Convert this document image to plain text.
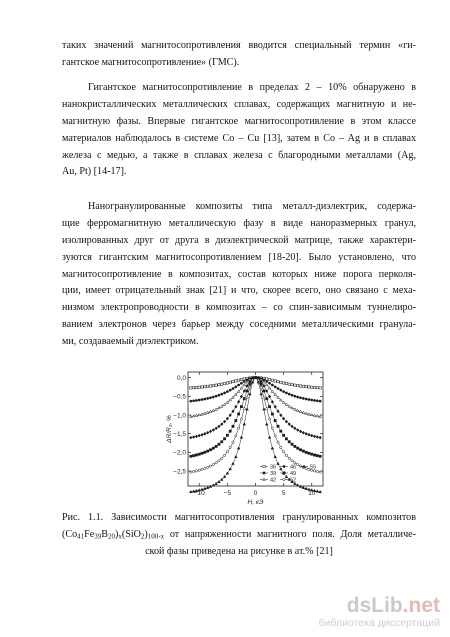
таких значений магнитосопротивления вводится специальный термин «ги-
гантское магнитосопротивление» (ГМС).
Гигантское магнитосопротивление в пределах 2 – 10% обнаружено в
нанокристаллических металлических сплавах, содержащих магнитную и не-
магнитную фазы. Впервые гигантское магнитосопротивление в этом классе
материалов наблюдалось в системе Co – Cu [13], затем в Co – Ag и в сплавах
железа с медью, а также в сплавах железа с благородными металлами (Ag,
Au, Pt) [14-17].
Наногранулированные композиты типа металл-диэлектрик, содержа-
щие ферромагнитную металлическую фазу в виде наноразмерных гранул,
изолированных друг от друга в диэлектрической матрице, также характери-
зуются гигантским магнитосопротивлением [18-20]. Было установлено, что
магнитосопротивление в композитах, состав которых ниже порога перколя-
ции, имеет отрицательный знак [21] и что, скорее всего, оно связано с меха-
низмом электропроводности в композитах – со спин-зависимым туннелиро-
ванием электронов через барьер между соседними металлическими гранула-
ми, создаваемый диэлектриком.
−10	−5	0	5	10
0,0
−0,5
−1,0
−1,5
−2,0
−2,5
36
39
42
46
49
52
55
H, кЭ
ΔR/R₀, %
Рис. 1.1. Зависимости магнитосопротивления гранулированных композитов
$(Co_{41}Fe_{39}B_{20})_x(SiO_2)_{100-x}$ от напряженности магнитного поля. Доля металличе-
ской фазы приведена на рисунке в ат.% [21]
dsLib.net
библиотека диссертаций
